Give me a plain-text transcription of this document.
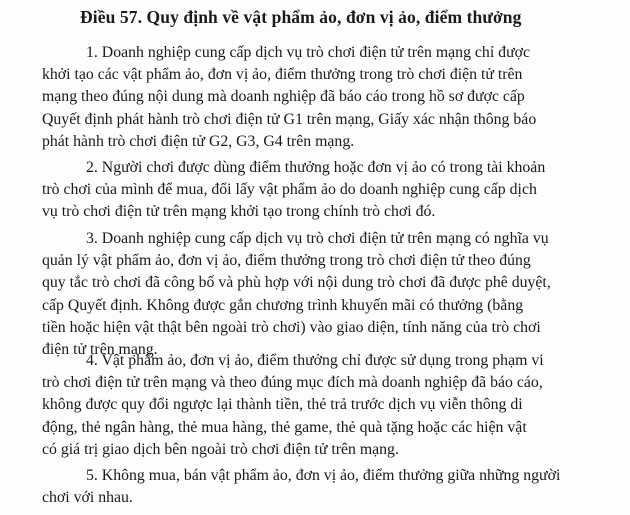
Điều 57. Quy định về vật phẩm ảo, đơn vị ảo, điểm thưởng

1. Doanh nghiệp cung cấp dịch vụ trò chơi điện tử trên mạng chỉ được
khởi tạo các vật phẩm ảo, đơn vị ảo, điểm thưởng trong trò chơi điện tử trên
mạng theo đúng nội dung mà doanh nghiệp đã báo cáo trong hồ sơ được cấp
Quyết định phát hành trò chơi điện tử G1 trên mạng, Giấy xác nhận thông báo
phát hành trò chơi điện tử G2, G3, G4 trên mạng.

2. Người chơi được dùng điểm thưởng hoặc đơn vị ảo có trong tài khoản
trò chơi của mình để mua, đổi lấy vật phẩm ảo do doanh nghiệp cung cấp dịch
vụ trò chơi điện tử trên mạng khởi tạo trong chính trò chơi đó.

3. Doanh nghiệp cung cấp dịch vụ trò chơi điện tử trên mạng có nghĩa vụ
quản lý vật phẩm ảo, đơn vị ảo, điểm thưởng trong trò chơi điện tử theo đúng
quy tắc trò chơi đã công bố và phù hợp với nội dung trò chơi đã được phê duyệt,
cấp Quyết định. Không được gắn chương trình khuyến mãi có thưởng (bằng
tiền hoặc hiện vật thật bên ngoài trò chơi) vào giao diện, tính năng của trò chơi
điện tử trên mạng.

4. Vật phẩm ảo, đơn vị ảo, điểm thưởng chỉ được sử dụng trong phạm vi
trò chơi điện tử trên mạng và theo đúng mục đích mà doanh nghiệp đã báo cáo,
không được quy đổi ngược lại thành tiền, thẻ trả trước dịch vụ viễn thông di
động, thẻ ngân hàng, thẻ mua hàng, thẻ game, thẻ quà tặng hoặc các hiện vật
có giá trị giao dịch bên ngoài trò chơi điện tử trên mạng.

5. Không mua, bán vật phẩm ảo, đơn vị ảo, điểm thưởng giữa những người
chơi với nhau.
